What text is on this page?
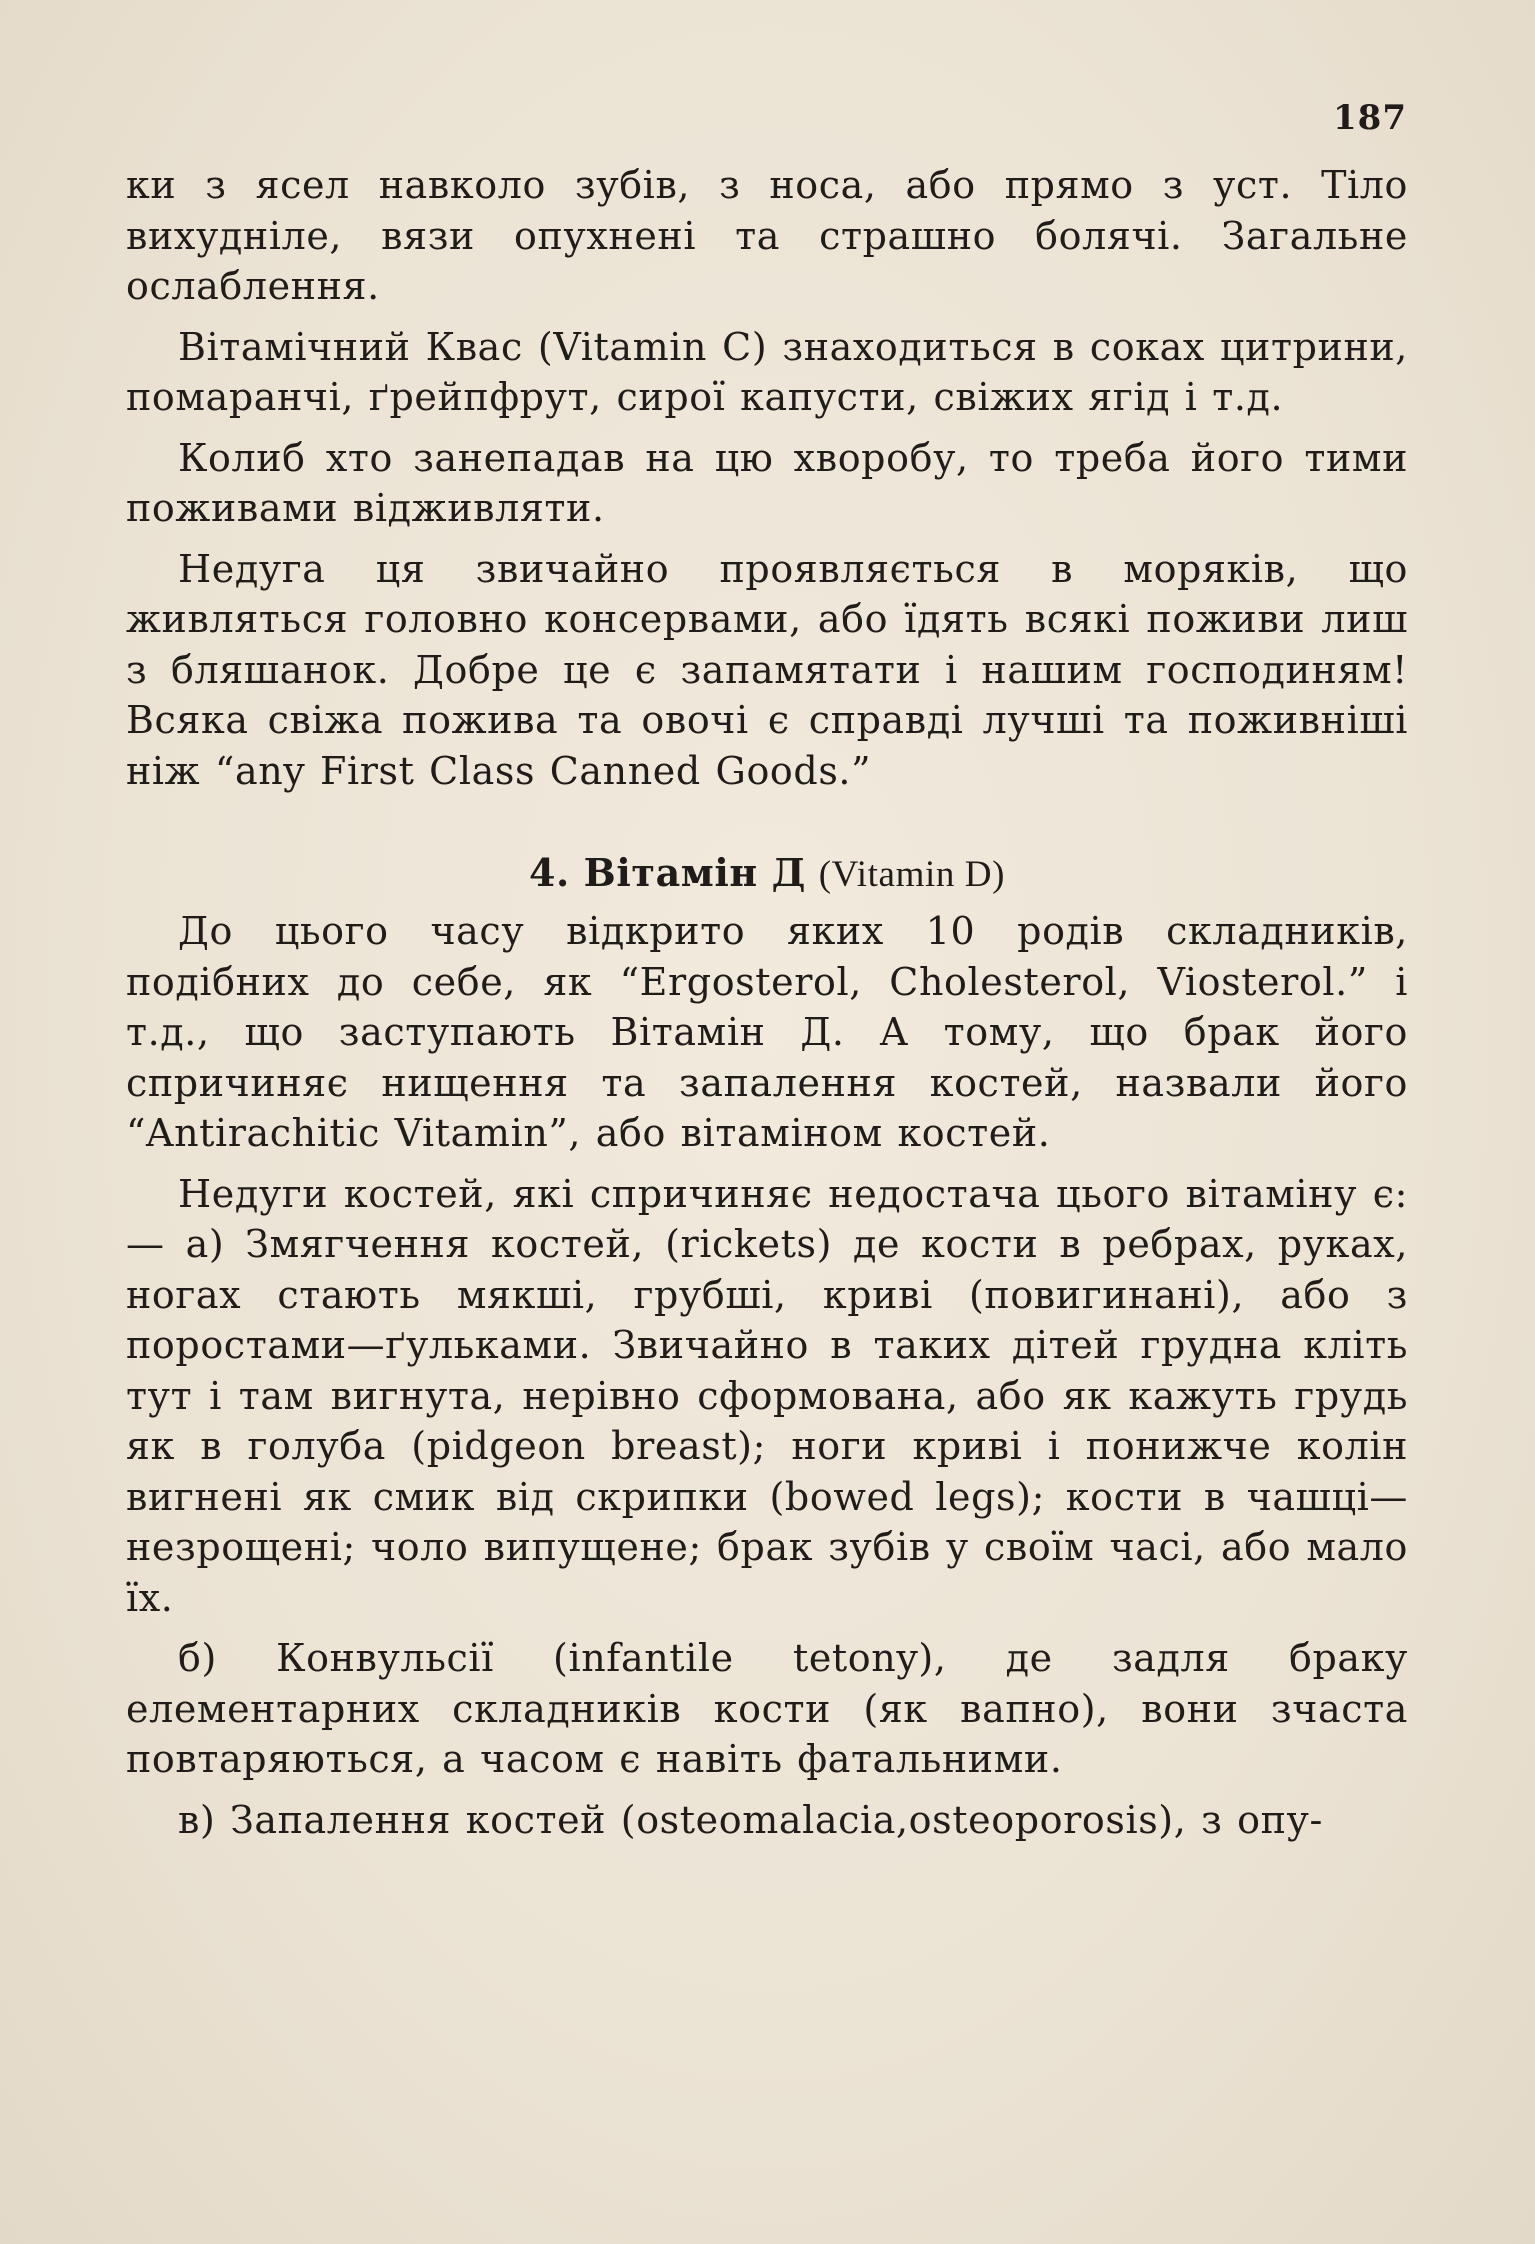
187

ки з ясел навколо зубів, з носа, або прямо з уст. Тіло вихудніле, вязи опухнені та страшно болячі. Загальне ослаблення.

Вітамічний Квас (Vitamin C) знаходиться в соках цитрини, помаранчі, ґрейпфрут, сирої капусти, свіжих ягід і т.д.

Колиб хто занепадав на цю хворобу, то треба його тими поживами відживляти.

Недуга ця звичайно проявляється в моряків, що живляться головно консервами, або їдять всякі поживи лиш з бляшанок. Добре це є запамятати і нашим господиням! Всяка свіжа пожива та овочі є справді лучші та поживніші ніж “any First Class Canned Goods.”

4. Вітамін Д (Vitamin D)

До цього часу відкрито яких 10 родів складників, подібних до себе, як “Ergosterol, Cholesterol, Viosterol.” і т.д., що заступають Вітамін Д. А тому, що брак його спричиняє нищення та запалення костей, назвали його “Antirachitic Vitamin”, або вітаміном костей.

Недуги костей, які спричиняє недостача цього вітаміну є:— а) Змягчення костей, (rickets) де кости в ребрах, руках, ногах стають мякші, грубші, криві (повигинані), або з поростами—ґульками. Звичайно в таких дітей грудна кліть тут і там вигнута, нерівно сформована, або як кажуть грудь як в голуба (pidgeon breast); ноги криві і понижче колін вигнені як смик від скрипки (bowed legs); кости в чашці—незрощені; чоло випущене; брак зубів у своїм часі, або мало їх.

б) Конвульсії (infantile tetony), де задля браку елементарних складників кости (як вапно), вони зчаста повтаряються, а часом є навіть фатальними.

в) Запалення костей (osteomalacia,osteoporosis), з опу-
